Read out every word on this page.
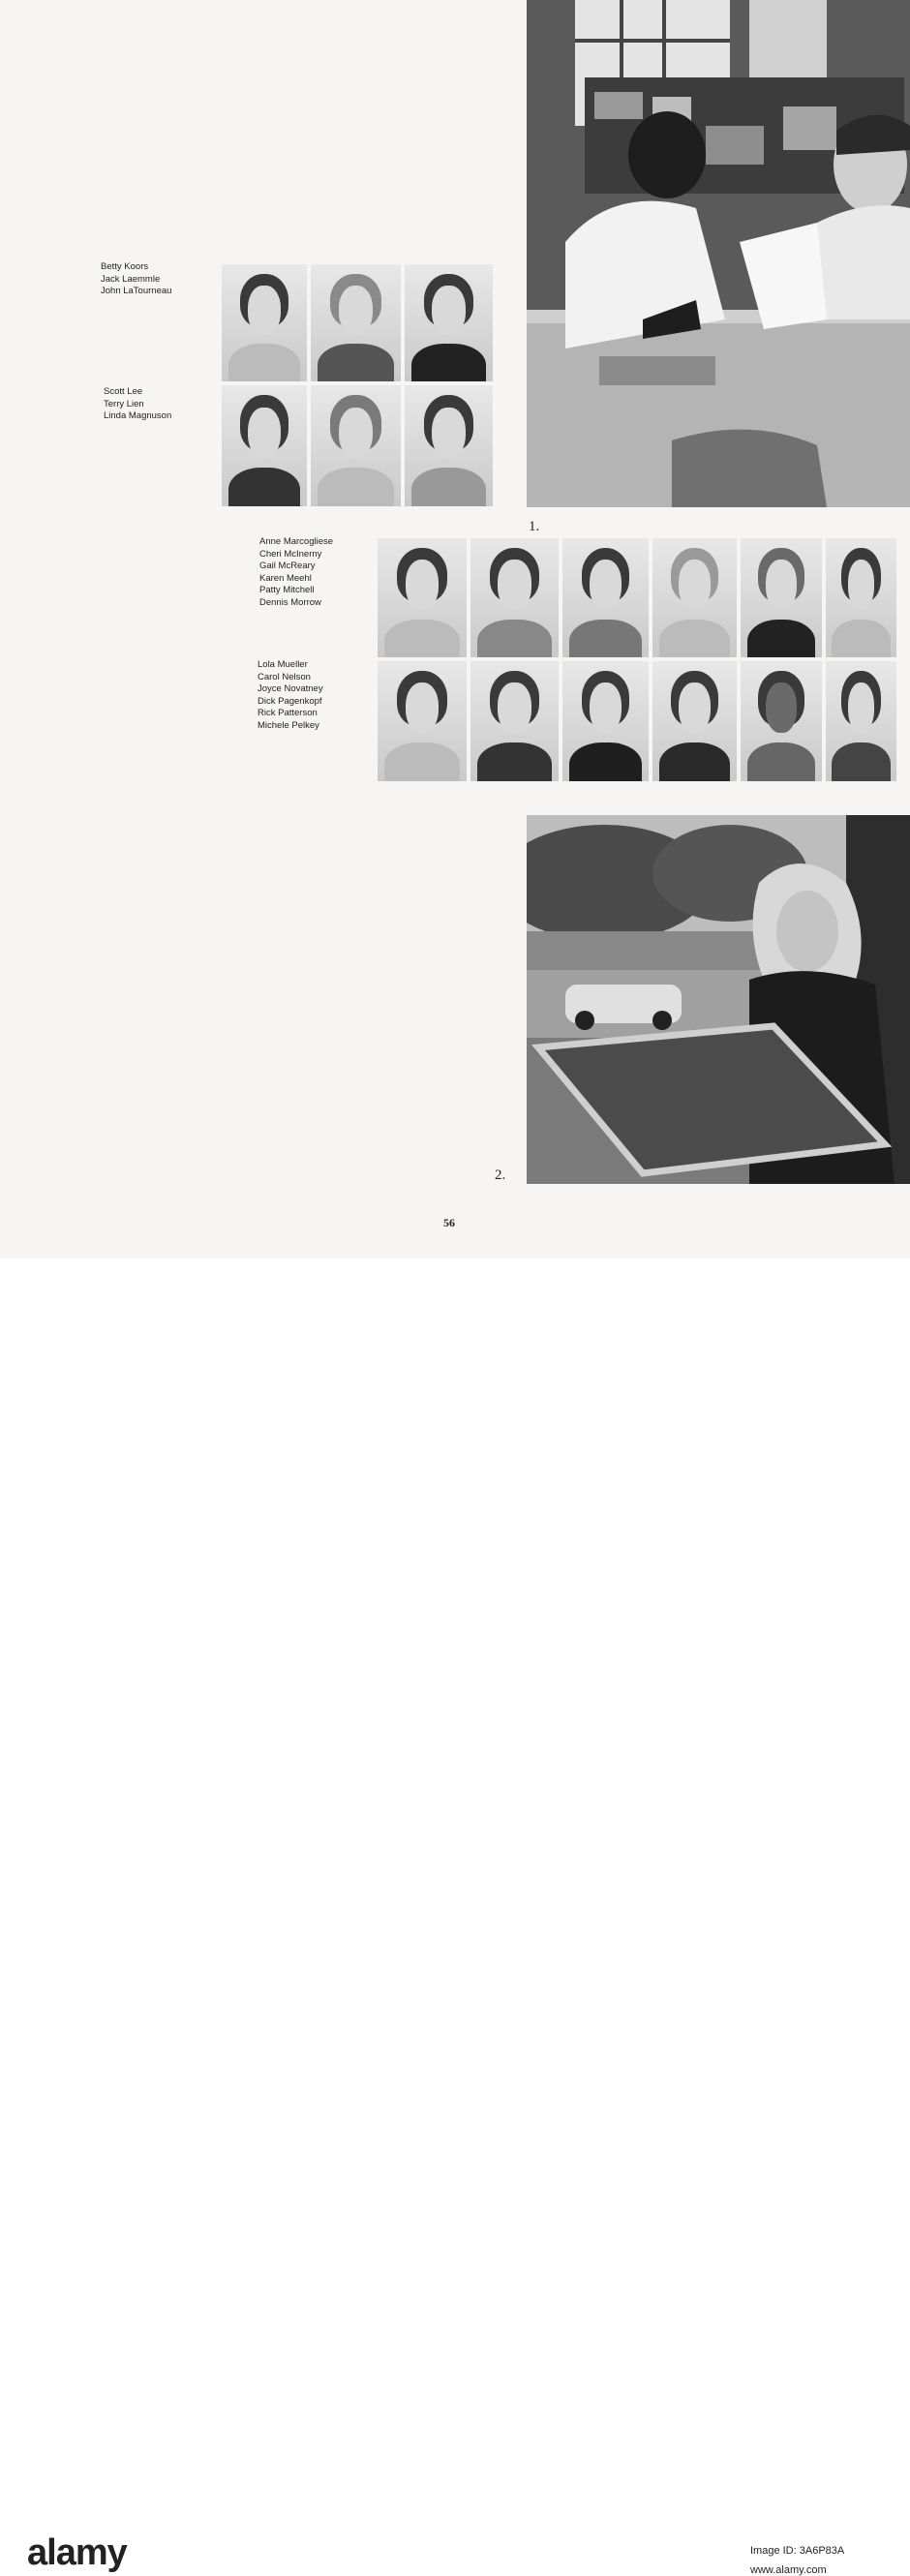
Betty Koors
Jack Laemmle
John LaTourneau
Scott Lee
Terry Lien
Linda Magnuson
Anne Marcogliese
Cheri McInerny
Gail McReary
Karen Meehl
Patty Mitchell
Dennis Morrow
Lola Mueller
Carol Nelson
Joyce Novatney
Dick Pagenkopf
Rick Patterson
Michele Pelkey
1.
2.
56
alamy	Image ID: 3A6P83A
www.alamy.com
